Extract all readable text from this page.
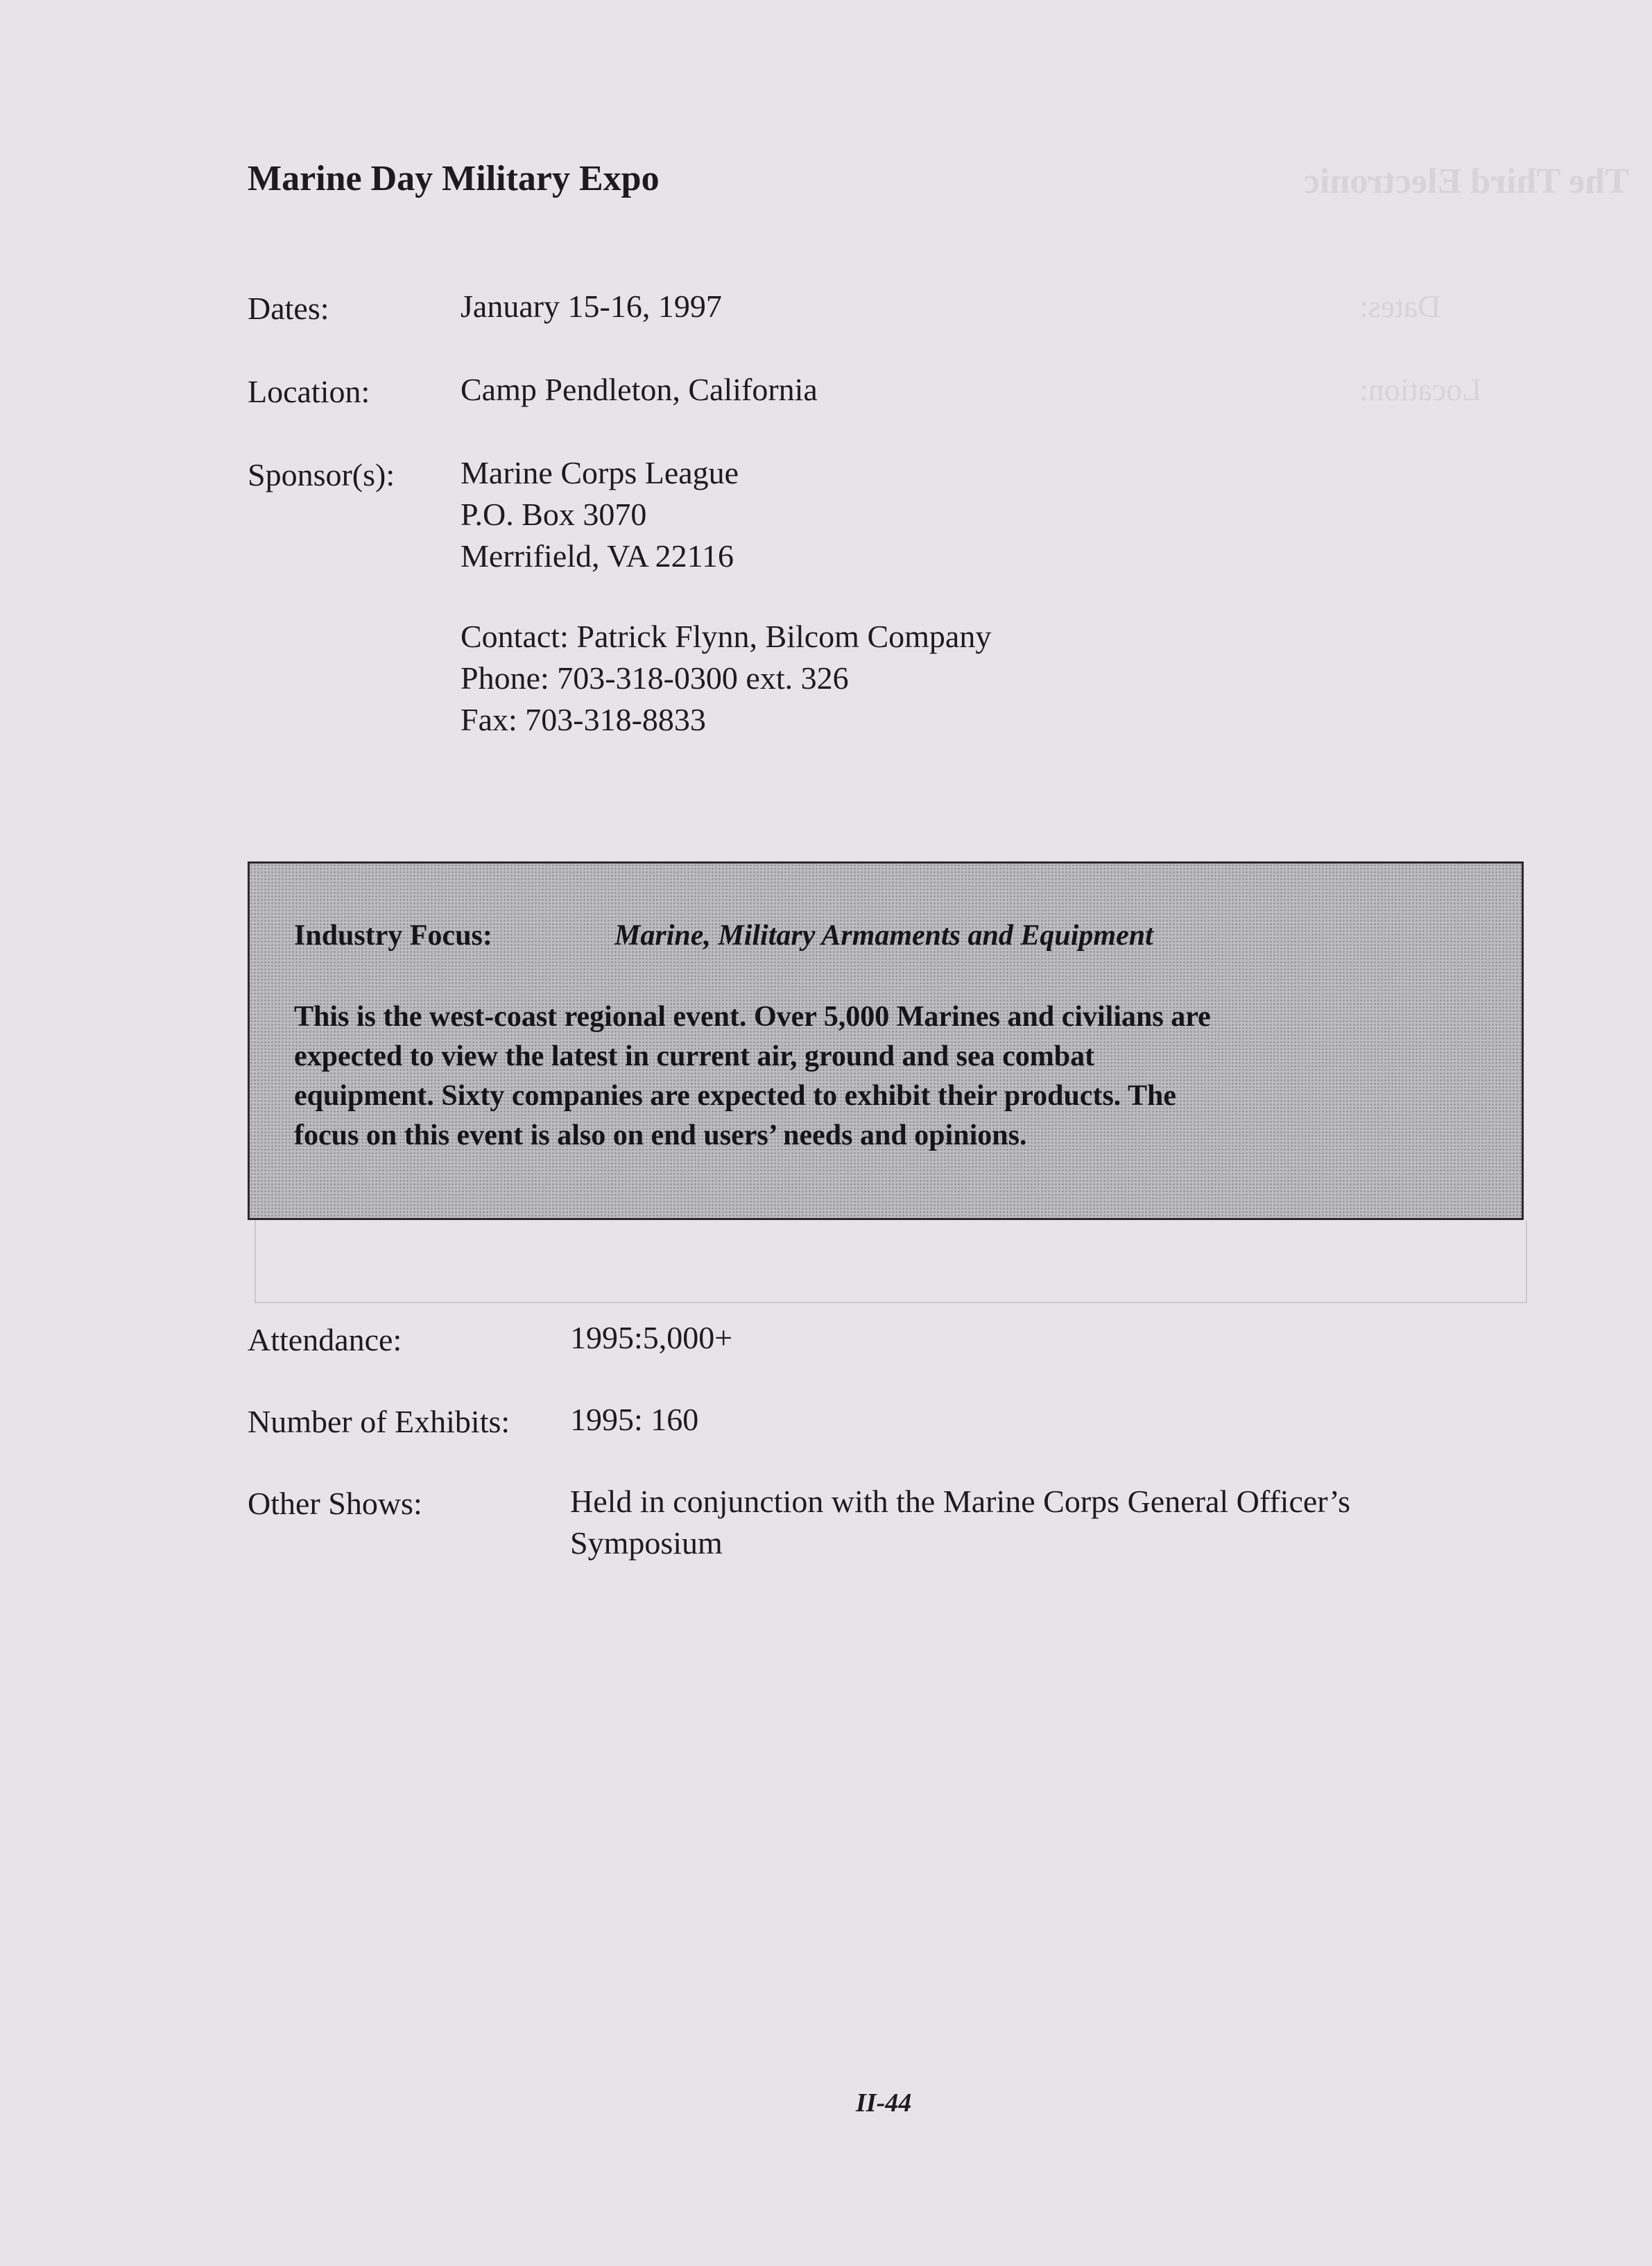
The Third Electronic
Dates:
Location:
Marine Day Military Expo
Dates:	January 15-16, 1997
Location:	Camp Pendleton, California
Sponsor(s): Marine Corps League
P.O. Box 3070
Merrifield, VA 22116
Contact: Patrick Flynn, Bilcom Company
Phone: 703-318-0300 ext. 326
Fax: 703-318-8833
Industry Focus:	Marine, Military Armaments and Equipment
This is the west-coast regional event. Over 5,000 Marines and civilians are
expected to view the latest in current air, ground and sea combat
equipment. Sixty companies are expected to exhibit their products. The
focus on this event is also on end users’ needs and opinions.
Attendance:	1995:5,000+
Number of Exhibits: 1995: 160
Other Shows:	Held in conjunction with the Marine Corps General Officer’s
Symposium
II-44
